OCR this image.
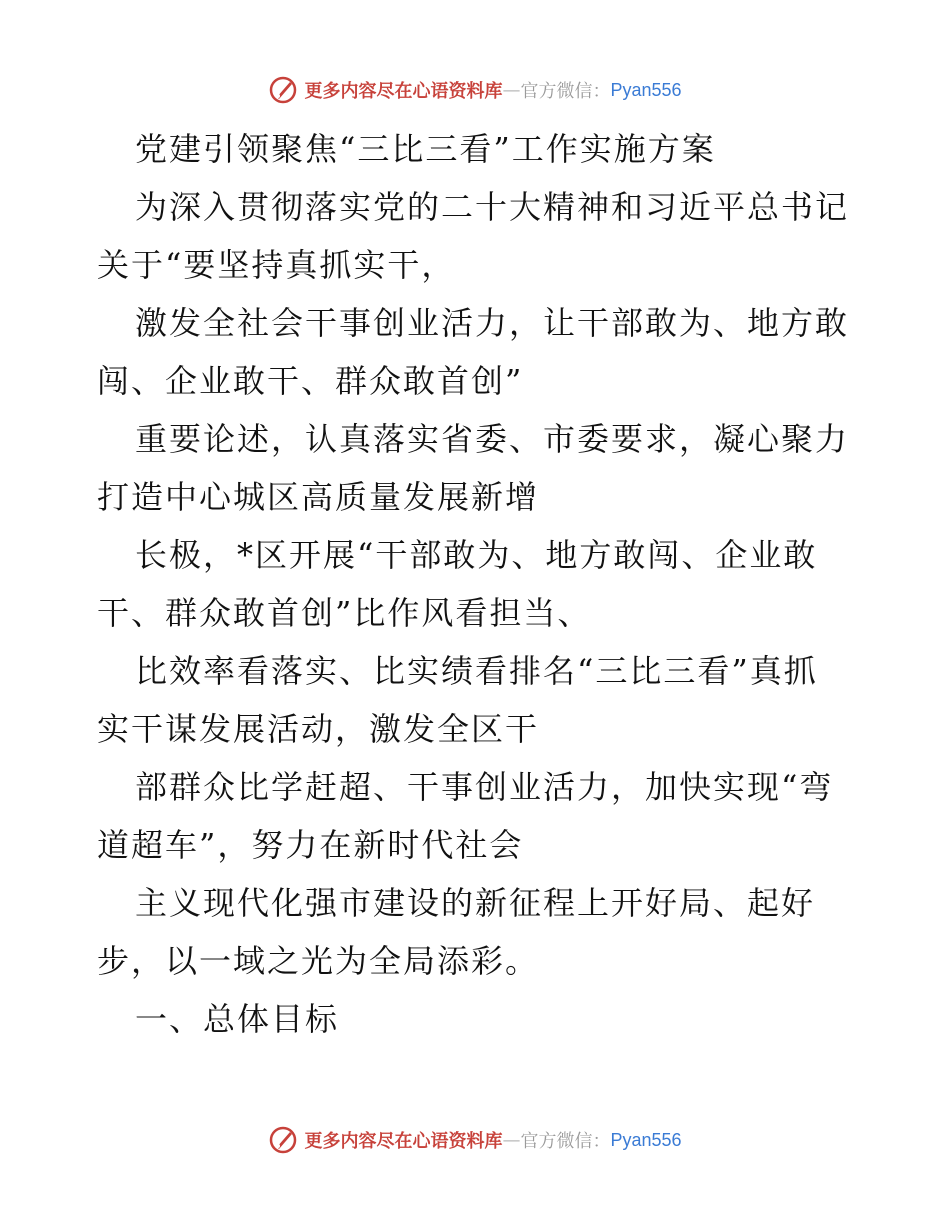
更多内容尽在心语资料库 — 官方微信： Pyan556
党建引领聚焦“三比三看”工作实施方案
为深入贯彻落实党的二十大精神和习近平总书记
关于“要坚持真抓实干，
激发全社会干事创业活力，让干部敢为、地方敢
闯、企业敢干、群众敢首创”
重要论述，认真落实省委、市委要求，凝心聚力
打造中心城区高质量发展新增
长极，*区开展“干部敢为、地方敢闯、企业敢
干、群众敢首创”比作风看担当、
比效率看落实、比实绩看排名“三比三看”真抓
实干谋发展活动，激发全区干
部群众比学赶超、干事创业活力，加快实现“弯
道超车”，努力在新时代社会
主义现代化强市建设的新征程上开好局、起好
步，以一域之光为全局添彩。
一、总体目标
更多内容尽在心语资料库 — 官方微信： Pyan556
